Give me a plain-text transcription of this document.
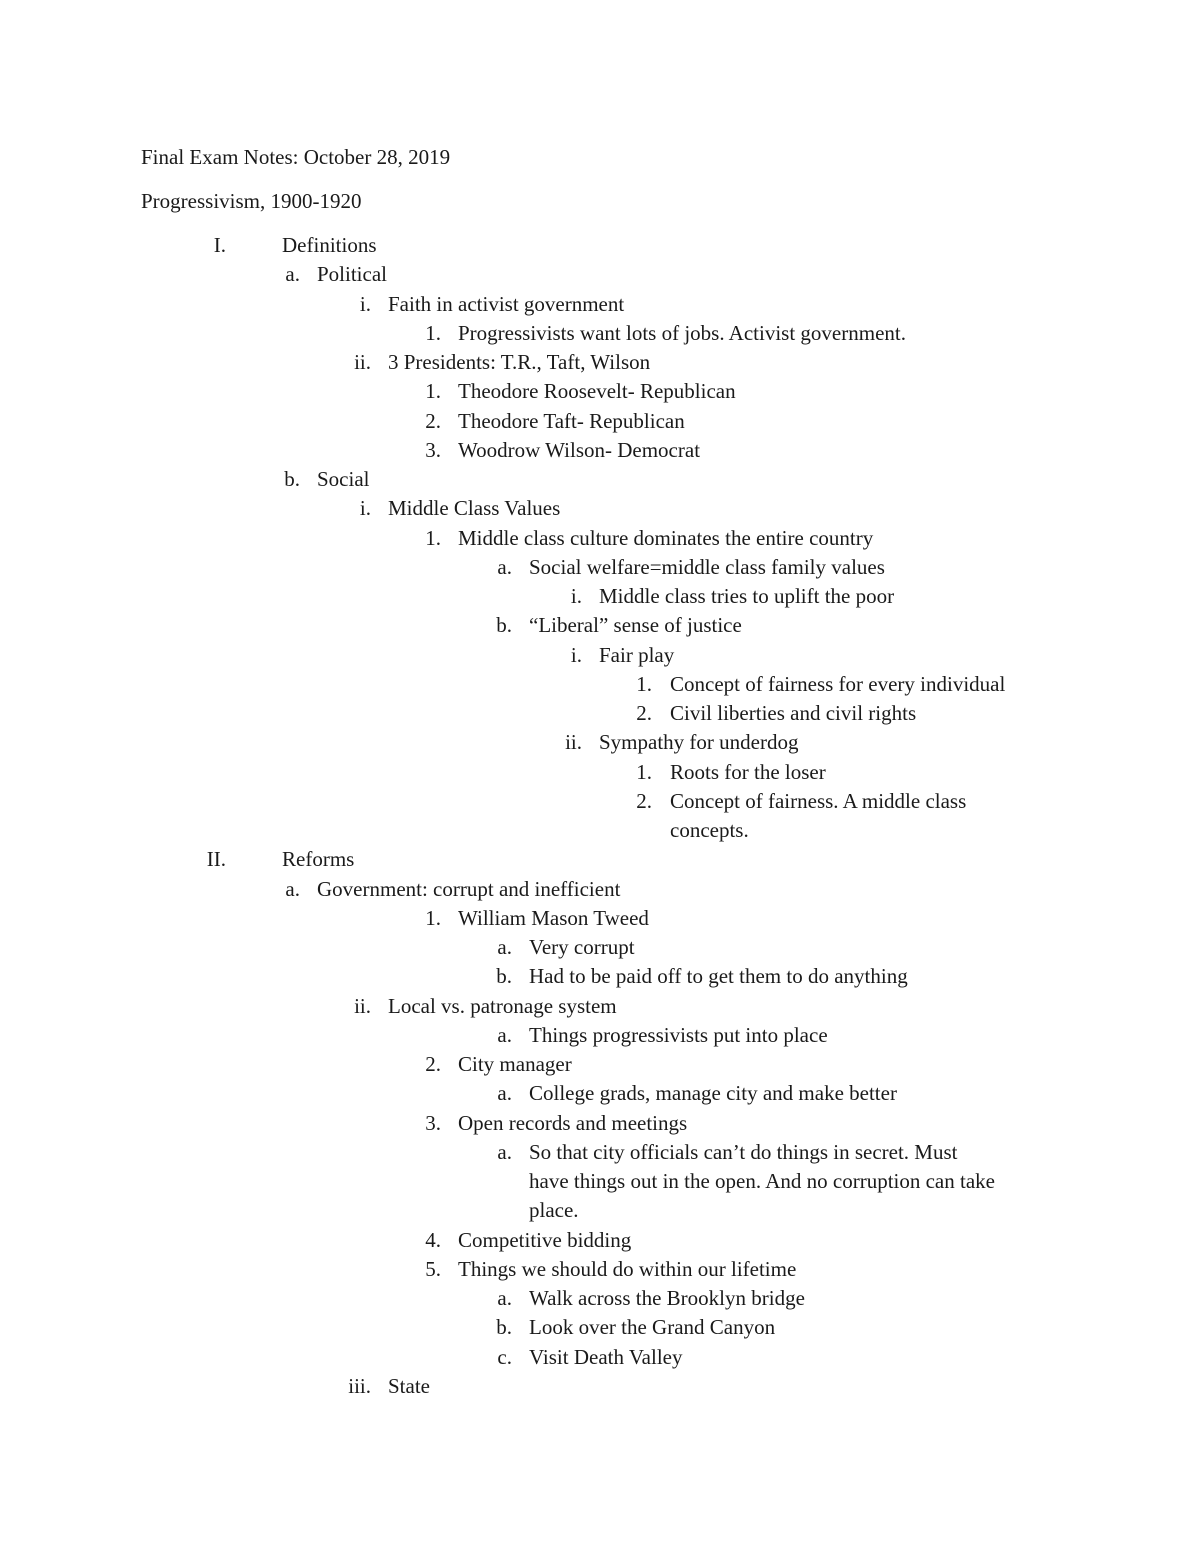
Final Exam Notes: October 28, 2019
Progressivism, 1900-1920
I.	Definitions
a. Political
i. Faith in activist government
1. Progressivists want lots of jobs. Activist government.
ii. 3 Presidents: T.R., Taft, Wilson
1. Theodore Roosevelt- Republican
2. Theodore Taft- Republican
3. Woodrow Wilson- Democrat
b. Social
i. Middle Class Values
1. Middle class culture dominates the entire country
a. Social welfare=middle class family values
i. Middle class tries to uplift the poor
b. “Liberal” sense of justice
i. Fair play
1. Concept of fairness for every individual
2. Civil liberties and civil rights
ii. Sympathy for underdog
1. Roots for the loser
2. Concept of fairness. A middle class
concepts.
II.	Reforms
a. Government: corrupt and inefficient
1. William Mason Tweed
a. Very corrupt
b. Had to be paid off to get them to do anything
ii. Local vs. patronage system
a. Things progressivists put into place
2. City manager
a. College grads, manage city and make better
3. Open records and meetings
a. So that city officials can’t do things in secret. Must
have things out in the open. And no corruption can take
place.
4. Competitive bidding
5. Things we should do within our lifetime
a. Walk across the Brooklyn bridge
b. Look over the Grand Canyon
c. Visit Death Valley
iii. State
